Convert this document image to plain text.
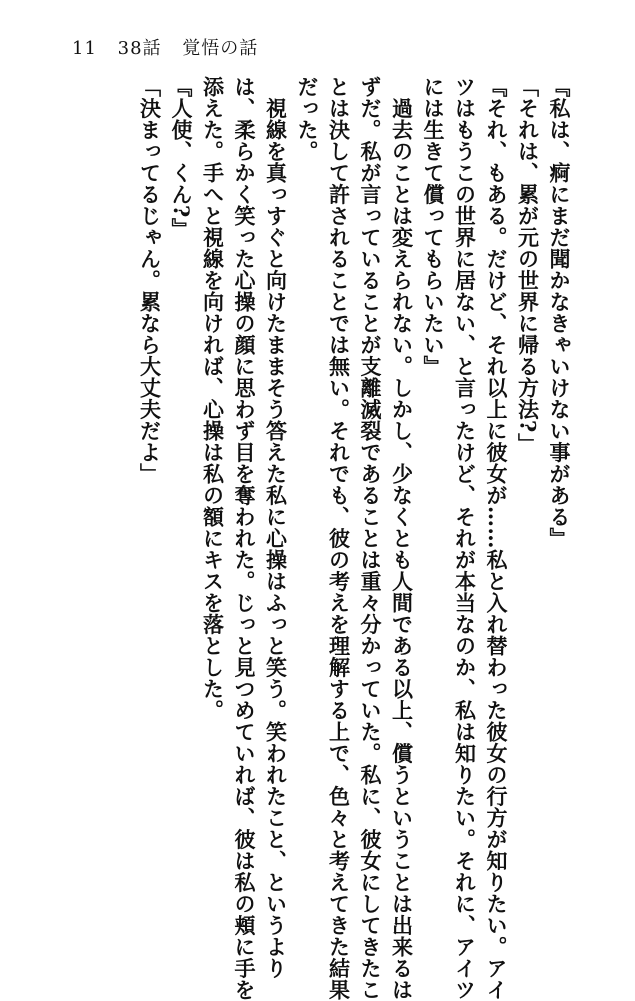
11 38話 覚悟の話
『私は、痾にまだ聞かなきゃいけない事がある』
「それは、累が元の世界に帰る方法?」
『それ、もある。だけど、それ以上に彼女が……私と入れ替わった彼女の行方が知りたい。アイ
ツはもうこの世界に居ない、と言ったけど、それが本当なのか、私は知りたい。それに、アイツ
には生きて償ってもらいたい』
　過去のことは変えられない。しかし、少なくとも人間である以上、償うということは出来るは
ずだ。私が言っていることが支離滅裂であることは重々分かっていた。私に、彼女にしてきたこ
とは決して許されることでは無い。それでも、彼の考えを理解する上で、色々と考えてきた結果
だった。
　視線を真っすぐと向けたままそう答えた私に心操はふっと笑う。笑われたこと、というより
は、柔らかく笑った心操の顔に思わず目を奪われた。じっと見つめていれば、彼は私の頬に手を
添えた。手へと視線を向ければ、心操は私の額にキスを落とした。
『人使、くん?』
「決まってるじゃん。累なら大丈夫だよ」
